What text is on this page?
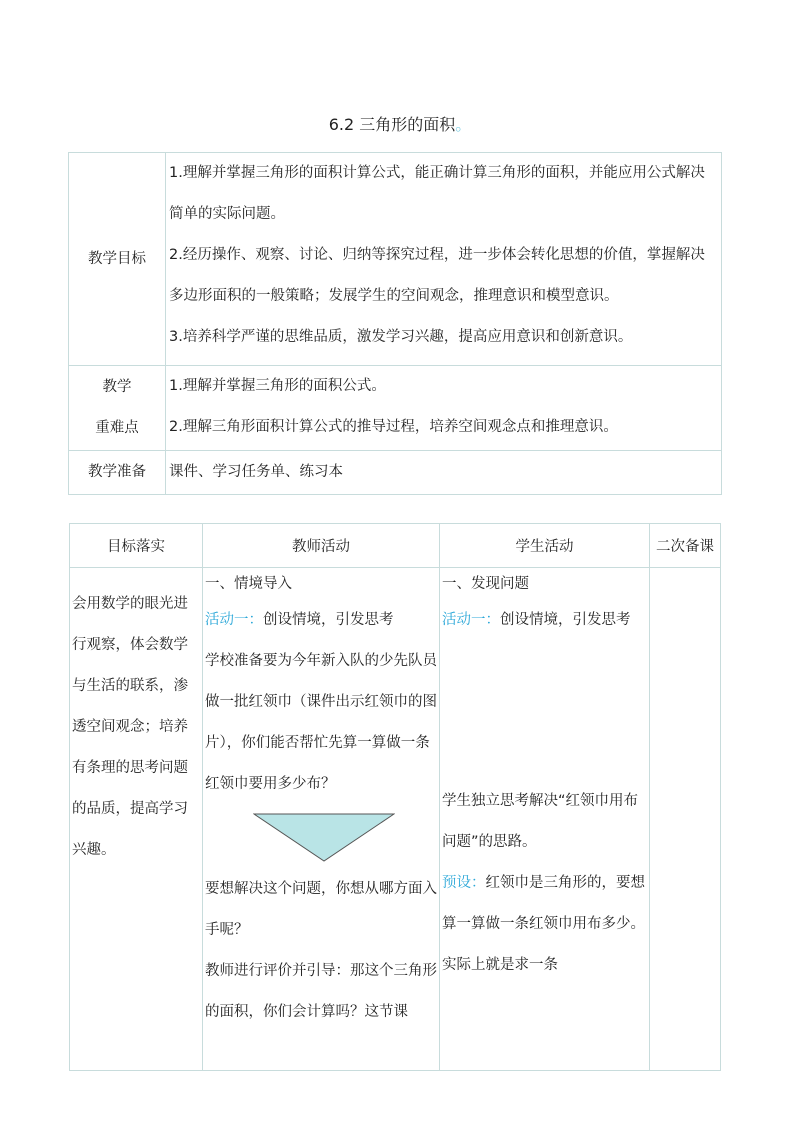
6.2 三角形的面积。
教学目标	1.理解并掌握三角形的面积计算公式，能正确计算三角形的面积，并能应用公式解决简单的实际问题。
2.经历操作、观察、讨论、归纳等探究过程，进一步体会转化思想的价值，掌握解决多边形面积的一般策略；发展学生的空间观念，推理意识和模型意识。
3.培养科学严谨的思维品质，激发学习兴趣，提高应用意识和创新意识。

教学
重难点	1.理解并掌握三角形的面积公式。
2.理解三角形面积计算公式的推导过程，培养空间观念点和推理意识。

教学准备	课件、学习任务单、练习本
目标落实	教师活动	学生活动	二次备课
会用数学的眼光进行观察，体会数学与生活的联系，渗透空间观念；培养有条理的思考问题的品质，提高学习兴趣。	一、情境导入
活动一：创设情境，引发思考
学校准备要为今年新入队的少先队员做一批红领巾（课件出示红领巾的图片），你们能否帮忙先算一算做一条红领巾要用多少布？
要想解决这个问题，你想从哪方面入手呢？
教师进行评价并引导：那这个三角形的面积，你们会计算吗？这节课	一、发现问题
活动一：创设情境，引发思考
学生独立思考解决“红领巾用布问题”的思路。
预设：红领巾是三角形的，要想算一算做一条红领巾用布多少。实际上就是求一条	
